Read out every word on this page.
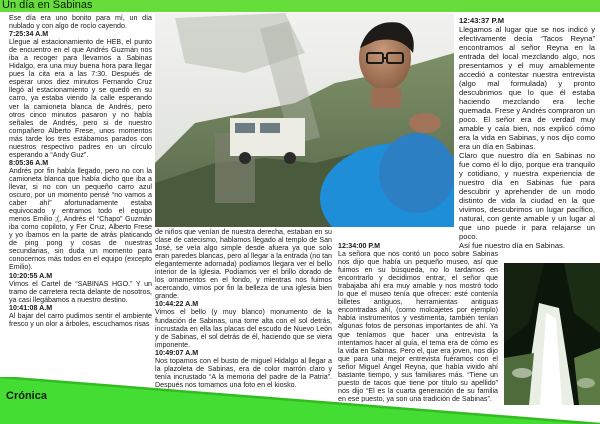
Un día en Sabinas

Ese día era uno bonito para mí, un día nublado y con algo de rocío cayendo.

7:25:34 A.M

Llegue al estacionamiento de HEB, el punto de encuentro en el que Andrés Guzmán nos iba a recoger para llevarnos a Sabinas Hidalgo, era una muy buena hora para llegar pues la cita era a las 7:30. Después de esperar unos diez minutos Fernando Cruz llegó al estacionamiento y se quedó en su carro, ya estaba viendo la calle esperando ver la camioneta blanca de Andrés, pero otros cinco minutos pasaron y no había señales de Andrés, pero si de nuestro compañero Alberto Frese, unos momentos más tarde los tres estábamos parados con nuestros respectivo padres en un círculo esperando a “Andy Guz”.

8:05:36 A.M

Andrés por fin había llegado, pero no con la camioneta blanca que había dicho que iba a llevar, si no con un pequeño carro azul oscuro, por un momento pensé “no vamos a caber ahí” afortunadamente estaba equivocado y entramos todo el equipo menos Emilio ;(, Andrés el “Chapo” Guzmán iba como copiloto, y Fer Cruz, Alberto Frese y yo íbamos en la parte de atrás platicando de ping pong y cosas de nuestras secundarias, sin duda un momento para conocernos más todos en el equipo (excepto Emilio).

10:20:55 A.M

Vimos el Cartel de “SABINAS HGO.” Y un tramo de carretera recta delante de nosotros, ya casi llegábamos a nuestro destino.

10:41:08 A.M

Al bajar del carro pudimos sentir el ambiente fresco y un olor a árboles, escuchamos risas

de niños que venían de nuestra derecha, estaban en su clase de catecismo, hablamos llegado al templo de San José, se veía algo simple desde afuera ya que solo eran paredes blancas, pero al llegar a la entrada (no tan elegantemente adornada) podíamos llegara ver el bello interior de la Iglesia. Podíamos ver el brillo dorado de los ornamentos en el fondo, y mientras nos fuimos acercando, vimos por fin la belleza de una iglesia bien grande.

10:44:22 A.M

Vimos el bello (y muy blanco) monumento de la fundación de Sabinas, una torre alta con el sol detrás, incrustada en ella las placas del escudo de Nuevo León y de Sabinas, el sol detrás de él, haciendo que se viera imponente.

10:49:07 A.M

Nos topamos con el busto de miguel Hidalgo al llegar a la plazoleta de Sabinas, era de color marrón claro y tenía incrustado “A la memoria del padre de la Patria”. Después nos tomamos una foto en el kiosko.

12:34:00 P.M

La señora que nos contó un poco sobre Sabinas nos dijo que había un pequeño museo, así que fuimos en su búsqueda, no lo tardamos en encontrarlo y decidimos entrar, el señor que trabajaba ahí era muy amable y nos mostró todo lo que el museo tenía que ofrecer: esté contenía billetes antiguos, herramientas antiguas encontradas ahí, (como molcajetes por ejemplo) había instrumentos y vestimenta, también tenían algunas fotos de personas importantes de ahí. Ya que teníamos que hacer una entrevista la intentamos hacer al guía, el tema era de cómo es la vida en Sabinas. Pero el, que era joven, nos dijo que para una mejor entrevista fuéramos con el señor Miguel Ángel Reyna, que había vivido ahí bastante tiempo, y sus familiares más. “Tiene un puesto de tacos que tiene por título su apellido” nos dijo “El es la cuarta generación de su familia en ese puesto, ya son una tradición de Sabinas”.

12:43:37 P.M

Llegamos al lugar que se nos indicó y efectivamente decía “Tacos Reyna” encontramos al señor Reyna en la entrada del local mezclando algo, nos presentamos y el muy amablemente accedió a contestar nuestra entrevista (algo mal formulada) y pronto descubrimos que lo que él estaba haciendo mezclando era leche quemada. Frese y Andrés compraron un poco. El señor era de verdad muy amable y caía bien, nos explicó cómo era la vida en Sabinas, y nos dijo como era un día en Sabinas.

Claro que nuestro día en Sabinas no fue como él lo dijo, porque era tranquilo y cotidiano, y nuestra experiencia de nuestro día en Sabinas fue para descubrir y aprehender de un modo distinto de vida la ciudad en la que vivimos, descubrimos un lugar pacífico, natural, con gente amable y un lugar al que uno puede ir para relajarse un poco.

Así fue nuestro día en Sabinas.

Crónica
